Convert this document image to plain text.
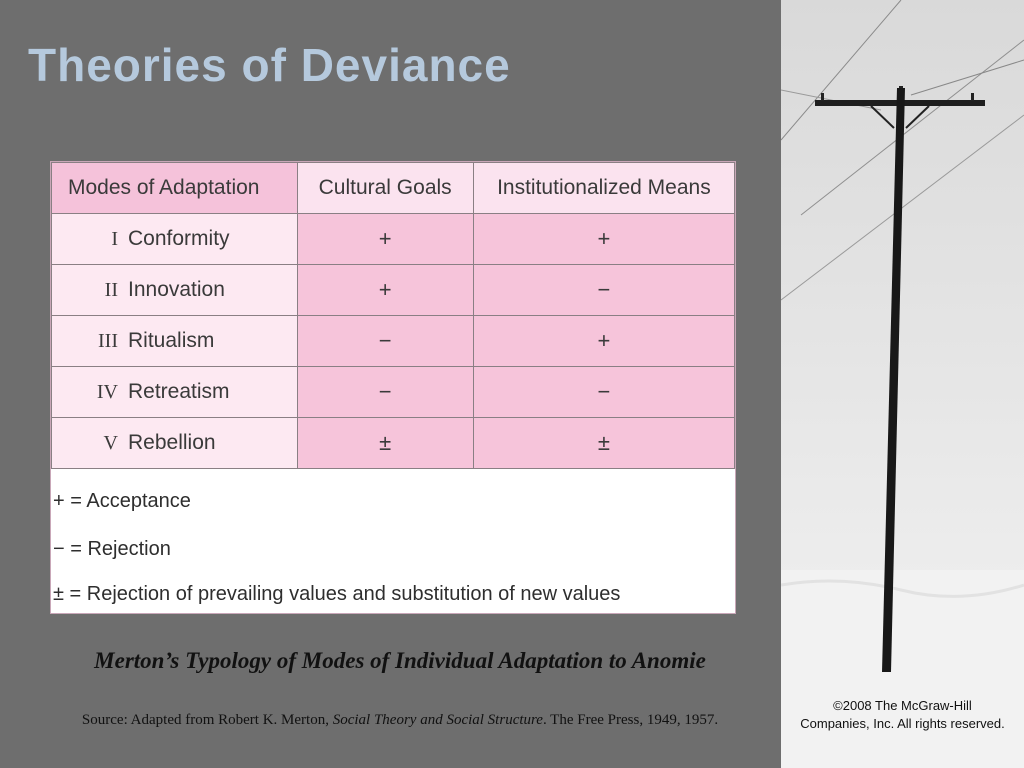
Theories of Deviance
Modes of Adaptation	Cultural Goals	Institutionalized Means

I Conformity	+	+

II Innovation	+	−

III Ritualism	−	+

IV Retreatism	−	−

V Rebellion	±	±
+ = Acceptance
− = Rejection
± = Rejection of prevailing values and substitution of new values
Merton’s Typology of Modes of Individual Adaptation to Anomie
Source: Adapted from Robert K. Merton, Social Theory and Social Structure. The Free Press, 1949, 1957.
©2008 The McGraw-Hill
Companies, Inc. All rights reserved.
